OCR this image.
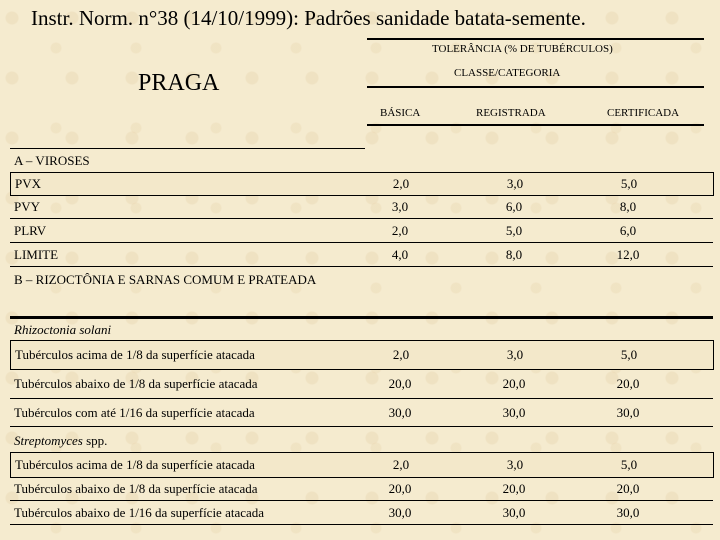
Instr. Norm. n°38 (14/10/1999): Padrões sanidade batata-semente.
TOLERÂNCIA (% DE TUBÉRCULOS)
CLASSE/CATEGORIA
PRAGA
BÁSICA	REGISTRADA	CERTIFICADA
A – VIROSES
PVX	2,0	3,0	5,0
PVY	3,0	6,0	8,0
PLRV	2,0	5,0	6,0
LIMITE	4,0	8,0	12,0
B – RIZOCTÔNIA E SARNAS COMUM E PRATEADA
Rhizoctonia solani
Tubérculos acima de 1/8 da superfície atacada	2,0	3,0	5,0
Tubérculos abaixo de 1/8 da superfície atacada	20,0	20,0	20,0
Tubérculos com até 1/16 da superfície atacada	30,0	30,0	30,0
Streptomyces spp.
Tubérculos acima de 1/8 da superfície atacada	2,0	3,0	5,0
Tubérculos abaixo de 1/8 da superfície atacada	20,0	20,0	20,0
Tubérculos abaixo de 1/16 da superfície atacada	30,0	30,0	30,0
